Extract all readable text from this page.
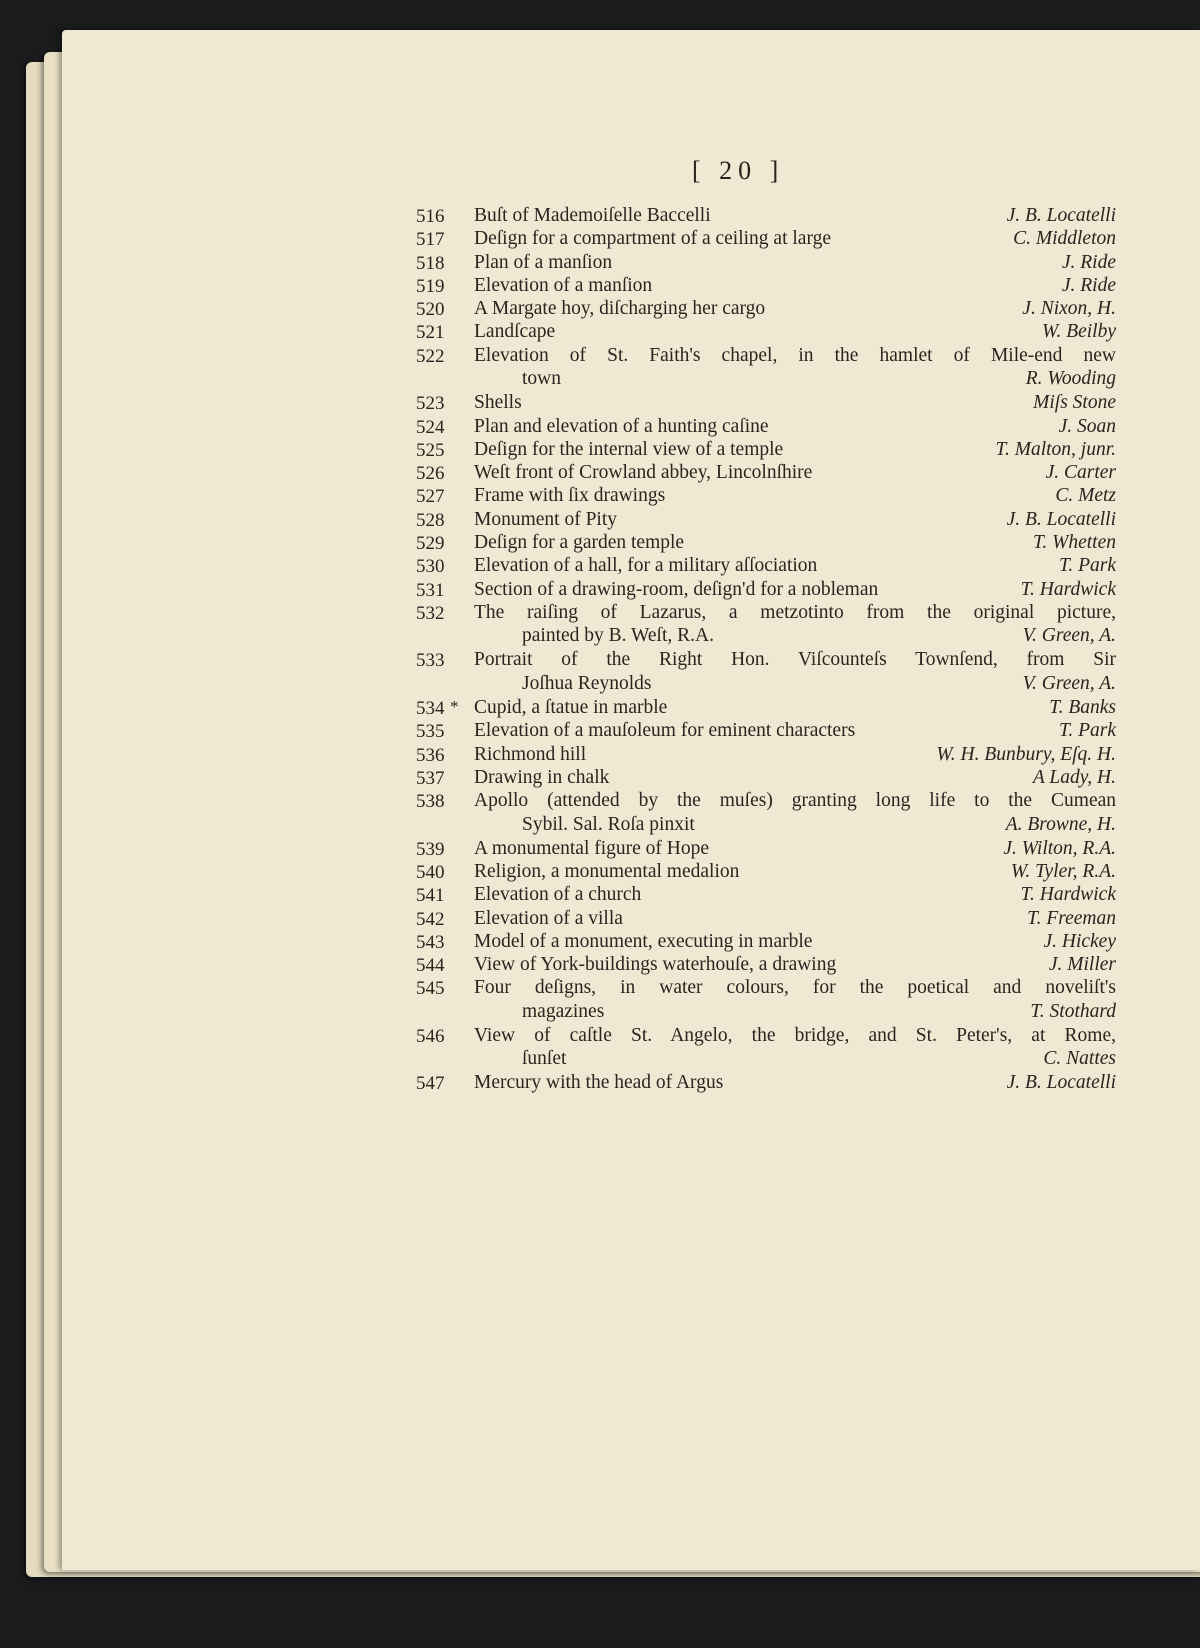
[ 20 ]
516	Buſt of Mademoiſelle Baccelli	J. B. Locatelli
517	Deſign for a compartment of a ceiling at large	C. Middleton
518	Plan of a manſion	J. Ride
519	Elevation of a manſion	J. Ride
520	A Margate hoy, diſcharging her cargo	J. Nixon, H.
521	Landſcape	W. Beilby
522	Elevation of St. Faith's chapel, in the hamlet of Mile-end new
town	R. Wooding
523	Shells	Miſs Stone
524	Plan and elevation of a hunting caſine	J. Soan
525	Deſign for the internal view of a temple	T. Malton, junr.
526	Weſt front of Crowland abbey, Lincolnſhire	J. Carter
527	Frame with ſix drawings	C. Metz
528	Monument of Pity	J. B. Locatelli
529	Deſign for a garden temple	T. Whetten
530	Elevation of a hall, for a military aſſociation	T. Park
531	Section of a drawing-room, deſign'd for a nobleman	T. Hardwick
532	The raiſing of Lazarus, a metzotinto from the original picture,
painted by B. Weſt, R.A.	V. Green, A.
533	Portrait of the Right Hon. Viſcounteſs Townſend, from Sir
Joſhua Reynolds	V. Green, A.
534 * Cupid, a ſtatue in marble	T. Banks
535	Elevation of a mauſoleum for eminent characters	T. Park
536	Richmond hill	W. H. Bunbury, Eſq. H.
537	Drawing in chalk	A Lady, H.
538	Apollo (attended by the muſes) granting long life to the Cumean
Sybil. Sal. Roſa pinxit	A. Browne, H.
539	A monumental figure of Hope	J. Wilton, R.A.
540	Religion, a monumental medalion	W. Tyler, R.A.
541	Elevation of a church	T. Hardwick
542	Elevation of a villa	T. Freeman
543	Model of a monument, executing in marble	J. Hickey
544	View of York-buildings waterhouſe, a drawing	J. Miller
545	Four deſigns, in water colours, for the poetical and noveliſt's
magazines	T. Stothard
546	View of caſtle St. Angelo, the bridge, and St. Peter's, at Rome,
ſunſet	C. Nattes
547	Mercury with the head of Argus	J. B. Locatelli
